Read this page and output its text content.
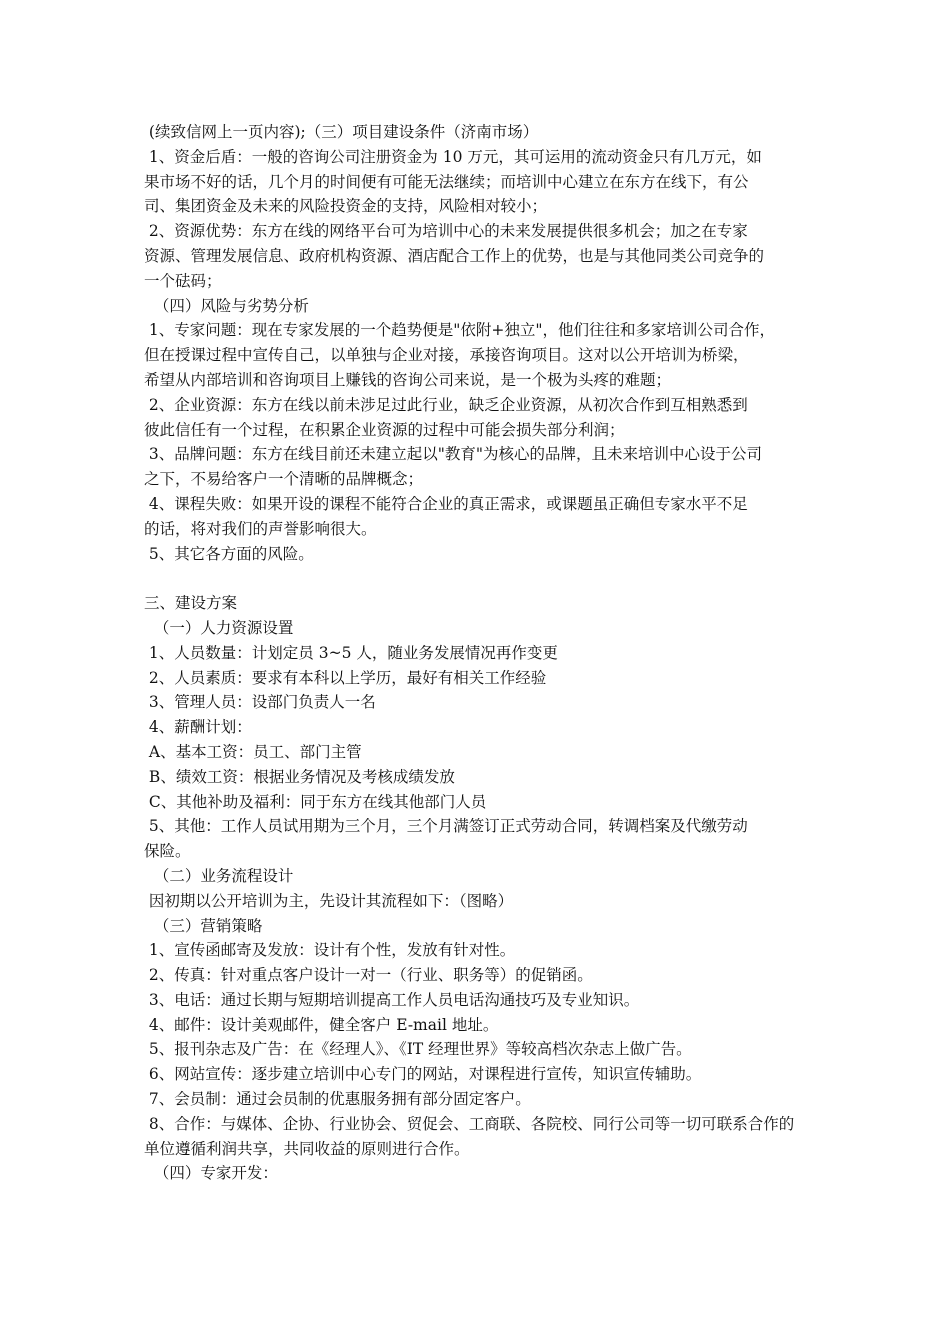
(续致信网上一页内容);（三）项目建设条件（济南市场）
1、资金后盾：一般的咨询公司注册资金为 10 万元，其可运用的流动资金只有几万元，如
果市场不好的话，几个月的时间便有可能无法继续；而培训中心建立在东方在线下，有公
司、集团资金及未来的风险投资金的支持，风险相对较小；
2、资源优势：东方在线的网络平台可为培训中心的未来发展提供很多机会；加之在专家
资源、管理发展信息、政府机构资源、酒店配合工作上的优势，也是与其他同类公司竞争的
一个砝码；
（四）风险与劣势分析
1、专家问题：现在专家发展的一个趋势便是"依附+独立"，他们往往和多家培训公司合作，
但在授课过程中宣传自己，以单独与企业对接，承接咨询项目。这对以公开培训为桥梁，
希望从内部培训和咨询项目上赚钱的咨询公司来说，是一个极为头疼的难题；
2、企业资源：东方在线以前未涉足过此行业，缺乏企业资源，从初次合作到互相熟悉到
彼此信任有一个过程，在积累企业资源的过程中可能会损失部分利润；
3、品牌问题：东方在线目前还未建立起以"教育"为核心的品牌，且未来培训中心设于公司
之下，不易给客户一个清晰的品牌概念；
4、课程失败：如果开设的课程不能符合企业的真正需求，或课题虽正确但专家水平不足
的话，将对我们的声誉影响很大。
5、其它各方面的风险。
三、建设方案
（一）人力资源设置
1、人员数量：计划定员 3~5 人，随业务发展情况再作变更
2、人员素质：要求有本科以上学历，最好有相关工作经验
3、管理人员：设部门负责人一名
4、薪酬计划：
A、基本工资：员工、部门主管
B、绩效工资：根据业务情况及考核成绩发放
C、其他补助及福利：同于东方在线其他部门人员
5、其他：工作人员试用期为三个月，三个月满签订正式劳动合同，转调档案及代缴劳动
保险。
（二）业务流程设计
因初期以公开培训为主，先设计其流程如下：（图略）
（三）营销策略
1、宣传函邮寄及发放：设计有个性，发放有针对性。
2、传真：针对重点客户设计一对一（行业、职务等）的促销函。
3、电话：通过长期与短期培训提高工作人员电话沟通技巧及专业知识。
4、邮件：设计美观邮件，健全客户 E-mail 地址。
5、报刊杂志及广告：在《经理人》、《IT 经理世界》等较高档次杂志上做广告。
6、网站宣传：逐步建立培训中心专门的网站，对课程进行宣传，知识宣传辅助。
7、会员制：通过会员制的优惠服务拥有部分固定客户。
8、合作：与媒体、企协、行业协会、贸促会、工商联、各院校、同行公司等一切可联系合作的
单位遵循利润共享，共同收益的原则进行合作。
（四）专家开发：
